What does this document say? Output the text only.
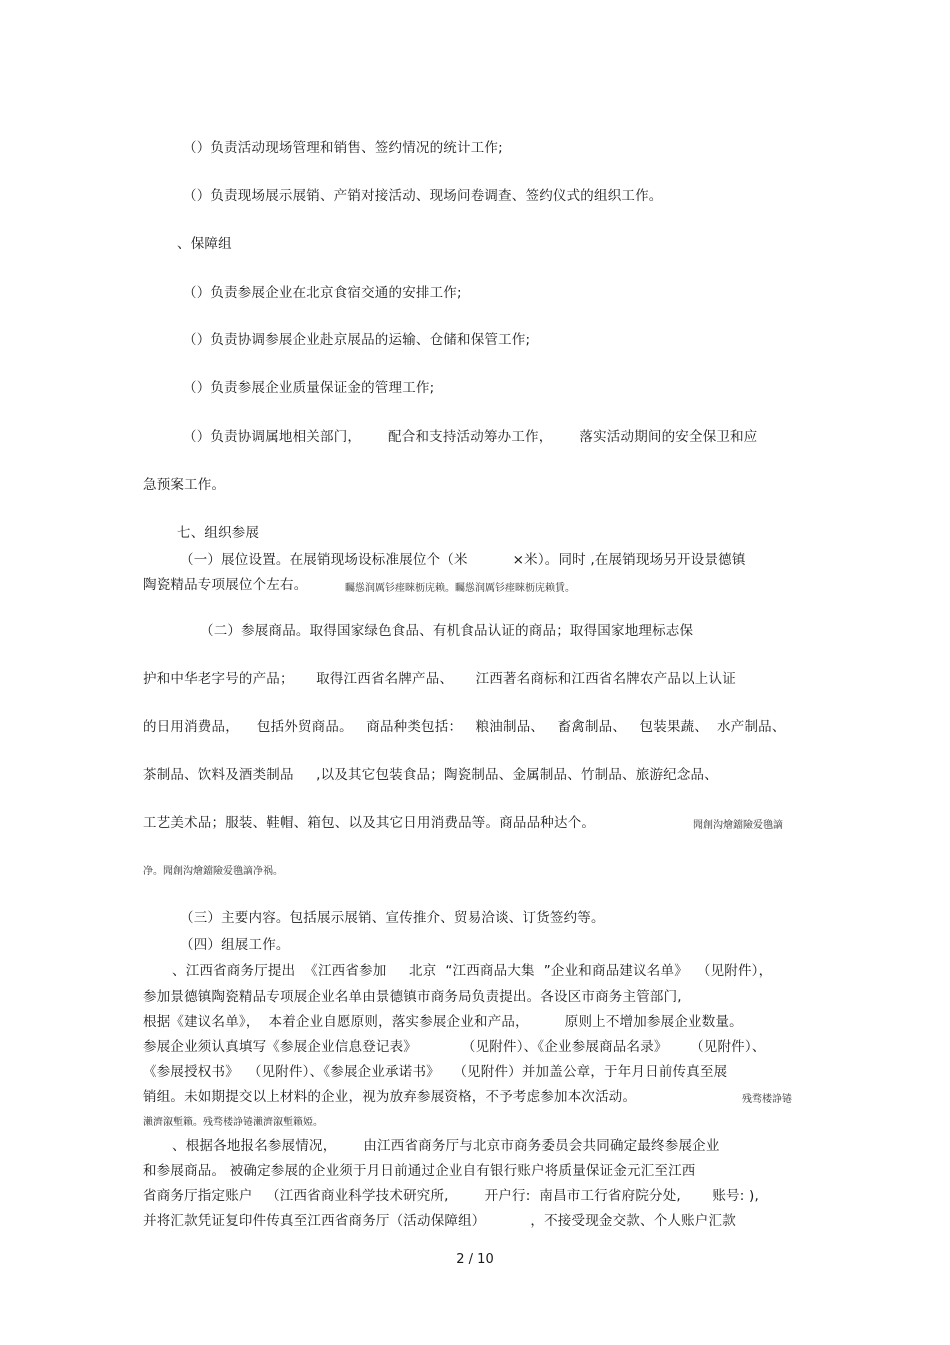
（）负责活动现场管理和销售、签约情况的统计工作;
（）负责现场展示展销、产销对接活动、现场问卷调查、签约仪式的组织工作。
、保障组
（）负责参展企业在北京食宿交通的安排工作;
（）负责协调参展企业赴京展品的运输、仓储和保管工作;
（）负责参展企业质量保证金的管理工作;
（）负责协调属地相关部门，      配合和支持活动筹办工作，      落实活动期间的安全保卫和应
急预案工作。
七、组织参展
（一）展位设置。在展销现场设标准展位个（米          ×米）。同时 ,在展销现场另开设景德镇
陶瓷精品专项展位个左右。	矚慫润厲钐瘗睞枥庑赖。矚慫润厲钐瘗睞枥庑赖賃。
（二）参展商品。取得国家绿色食品、有机食品认证的商品；取得国家地理标志保
护和中华老字号的产品；     取得江西省名牌产品、     江西著名商标和江西省名牌农产品以上认证
的日用消费品，    包括外贸商品。   商品种类包括：   粮油制品、   畜禽制品、   包装果蔬、  水产制品、
茶制品、饮料及酒类制品     ,以及其它包装食品；陶瓷制品、金属制品、竹制品、旅游纪念品、
工艺美术品；服装、鞋帽、箱包、以及其它日用消费品等。商品品种达个。	聞創沟燴鐺險爱氇謫
净。聞創沟燴鐺險爱氇謫净祸。
（三）主要内容。包括展示展销、宣传推介、贸易洽谈、订货签约等。
（四）组展工作。
、江西省商务厅提出  《江西省参加     北京  “江西商品大集  ”企业和商品建议名单》  （见附件），
参加景德镇陶瓷精品专项展企业名单由景德镇市商务局负责提出。各设区市商务主管部门,
根据《建议名单》，  本着企业自愿原则，落实参展企业和产品，        原则上不增加参展企业数量。
参展企业须认真填写《参展企业信息登记表》          （见附件）、《企业参展商品名录》     （见附件）、
《参展授权书》  （见附件）、《参展企业承诺书》   （见附件）并加盖公章，于年月日前传真至展
销组。未如期提交以上材料的企业，视为放弃参展资格，不予考虑参加本次活动。	残骛楼諍锩
瀨濟溆塹籟。残骛楼諍锩瀨濟溆塹籟婭。
、根据各地报名参展情况，      由江西省商务厅与北京市商务委员会共同确定最终参展企业
和参展商品。 被确定参展的企业须于月日前通过企业自有银行账户将质量保证金元汇至江西
省商务厅指定账户   （江西省商业科学技术研究所,        开户行:  南昌市工行省府院分处,       账号: ),
并将汇款凭证复印件传真至江西省商务厅（活动保障组）          ，不接受现金交款、个人账户汇款
2 / 10
